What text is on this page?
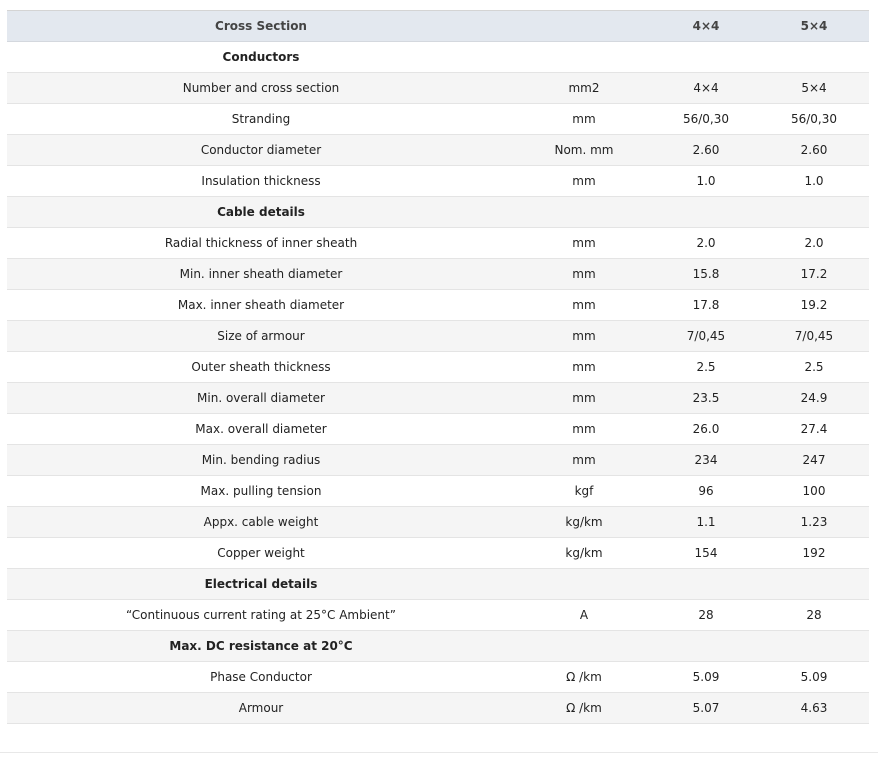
Cross Section		4×4	5×4
Conductors			
Number and cross section	mm2	4×4	5×4
Stranding	mm	56/0,30	56/0,30
Conductor diameter	Nom. mm	2.60	2.60
Insulation thickness	mm	1.0	1.0
Cable details			
Radial thickness of inner sheath	mm	2.0	2.0
Min. inner sheath diameter	mm	15.8	17.2
Max. inner sheath diameter	mm	17.8	19.2
Size of armour	mm	7/0,45	7/0,45
Outer sheath thickness	mm	2.5	2.5
Min. overall diameter	mm	23.5	24.9
Max. overall diameter	mm	26.0	27.4
Min. bending radius	mm	234	247
Max. pulling tension	kgf	96	100
Appx. cable weight	kg/km	1.1	1.23
Copper weight	kg/km	154	192
Electrical details			
“Continuous current rating at 25°C Ambient”	A	28	28
Max. DC resistance at 20°C			
Phase Conductor	Ω /km	5.09	5.09
Armour	Ω /km	5.07	4.63
